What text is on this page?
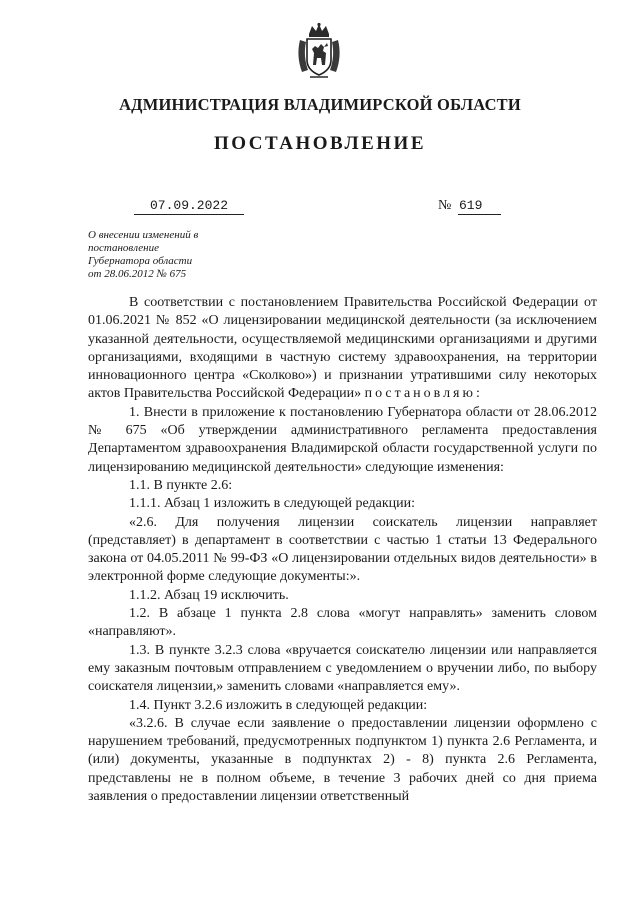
АДМИНИСТРАЦИЯ ВЛАДИМИРСКОЙ ОБЛАСТИ
ПОСТАНОВЛЕНИЕ
07.09.2022	№ 619
О внесении изменений в
постановление
Губернатора области
от 28.06.2012 № 675

В соответствии с постановлением Правительства Российской Федерации от 01.06.2021 № 852 «О лицензировании медицинской деятельности (за исключением указанной деятельности, осуществляемой медицинскими организациями и другими организациями, входящими в частную систему здравоохранения, на территории инновационного центра «Сколково») и признании утратившими силу некоторых актов Правительства Российской Федерации» постановляю:

1. Внести в приложение к постановлению Губернатора области от 28.06.2012 № 675 «Об утверждении административного регламента предоставления Департаментом здравоохранения Владимирской области государственной услуги по лицензированию медицинской деятельности» следующие изменения:

1.1. В пункте 2.6:

1.1.1. Абзац 1 изложить в следующей редакции:

«2.6. Для получения лицензии соискатель лицензии направляет (представляет) в департамент в соответствии с частью 1 статьи 13 Федерального закона от 04.05.2011 № 99-ФЗ «О лицензировании отдельных видов деятельности» в электронной форме следующие документы:».

1.1.2. Абзац 19 исключить.

1.2. В абзаце 1 пункта 2.8 слова «могут направлять» заменить словом «направляют».

1.3. В пункте 3.2.3 слова «вручается соискателю лицензии или направляется ему заказным почтовым отправлением с уведомлением о вручении либо, по выбору соискателя лицензии,» заменить словами «направляется ему».

1.4. Пункт 3.2.6 изложить в следующей редакции:

«3.2.6. В случае если заявление о предоставлении лицензии оформлено с нарушением требований, предусмотренных подпунктом 1) пункта 2.6 Регламента, и (или) документы, указанные в подпунктах 2) - 8) пункта 2.6 Регламента, представлены не в полном объеме, в течение 3 рабочих дней со дня приема заявления о предоставлении лицензии ответственный
